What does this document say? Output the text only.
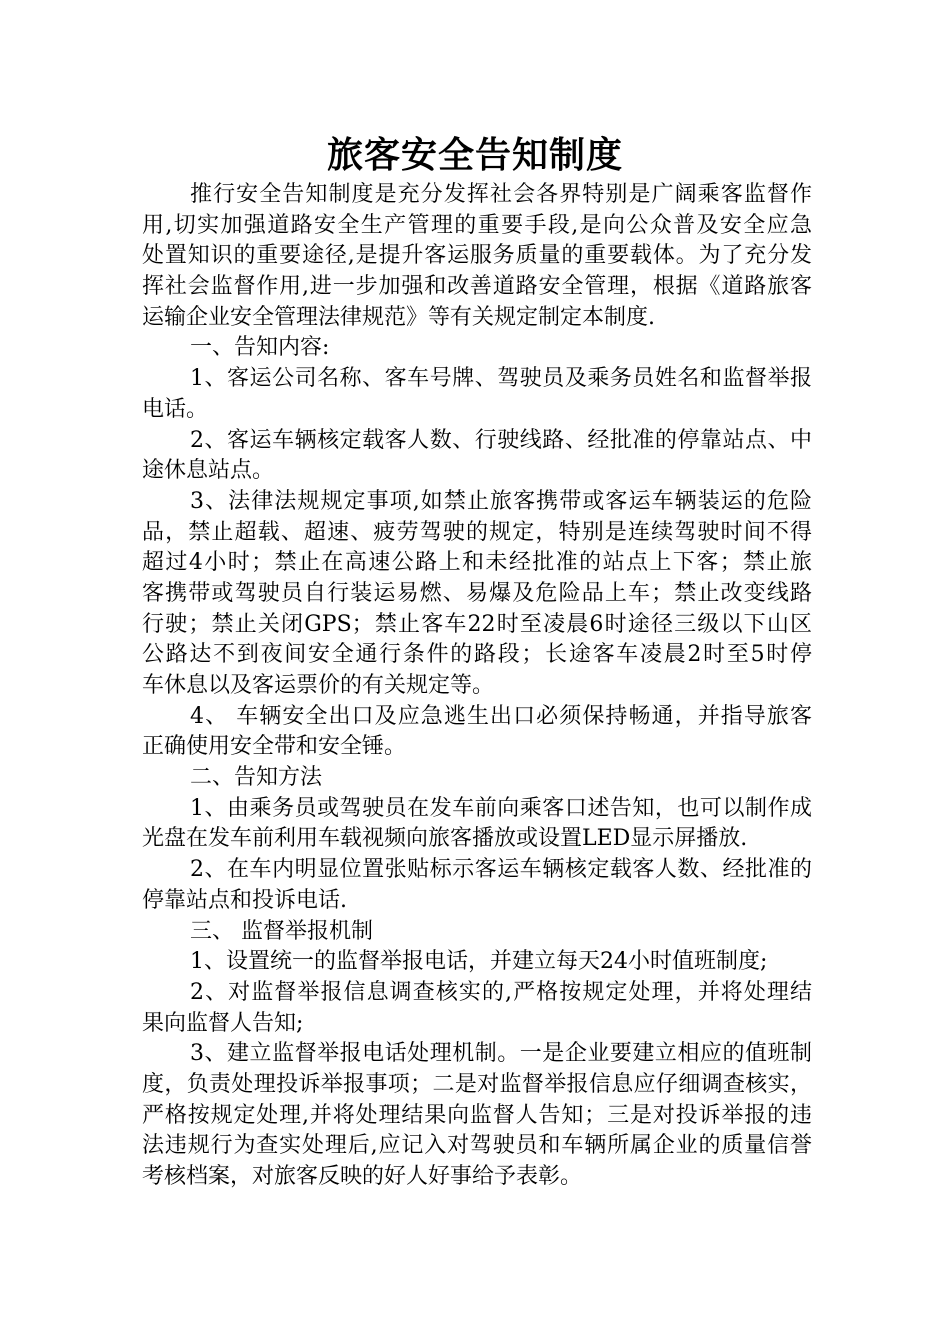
旅客安全告知制度
推行安全告知制度是充分发挥社会各界特别是广阔乘客监督作
用,切实加强道路安全生产管理的重要手段,是向公众普及安全应急
处置知识的重要途径,是提升客运服务质量的重要载体。为了充分发
挥社会监督作用,进一步加强和改善道路安全管理，根据《道路旅客
运输企业安全管理法律规范》等有关规定制定本制度.
一、告知内容:
1、客运公司名称、客车号牌、驾驶员及乘务员姓名和监督举报
电话。
2、客运车辆核定载客人数、行驶线路、经批准的停靠站点、中
途休息站点。
3、法律法规规定事项,如禁止旅客携带或客运车辆装运的危险
品，禁止超载、超速、疲劳驾驶的规定，特别是连续驾驶时间不得
超过4小时；禁止在高速公路上和未经批准的站点上下客；禁止旅
客携带或驾驶员自行装运易燃、易爆及危险品上车；禁止改变线路
行驶；禁止关闭GPS；禁止客车22时至凌晨6时途径三级以下山区
公路达不到夜间安全通行条件的路段；长途客车凌晨2时至5时停
车休息以及客运票价的有关规定等。
4、 车辆安全出口及应急逃生出口必须保持畅通，并指导旅客
正确使用安全带和安全锤。
二、告知方法
1、由乘务员或驾驶员在发车前向乘客口述告知，也可以制作成
光盘在发车前利用车载视频向旅客播放或设置LED显示屏播放.
2、在车内明显位置张贴标示客运车辆核定载客人数、经批准的
停靠站点和投诉电话.
三、 监督举报机制
1、设置统一的监督举报电话，并建立每天24小时值班制度;
2、对监督举报信息调查核实的,严格按规定处理，并将处理结
果向监督人告知;
3、建立监督举报电话处理机制。一是企业要建立相应的值班制
度，负责处理投诉举报事项；二是对监督举报信息应仔细调查核实，
严格按规定处理,并将处理结果向监督人告知；三是对投诉举报的违
法违规行为查实处理后,应记入对驾驶员和车辆所属企业的质量信誉
考核档案，对旅客反映的好人好事给予表彰。
